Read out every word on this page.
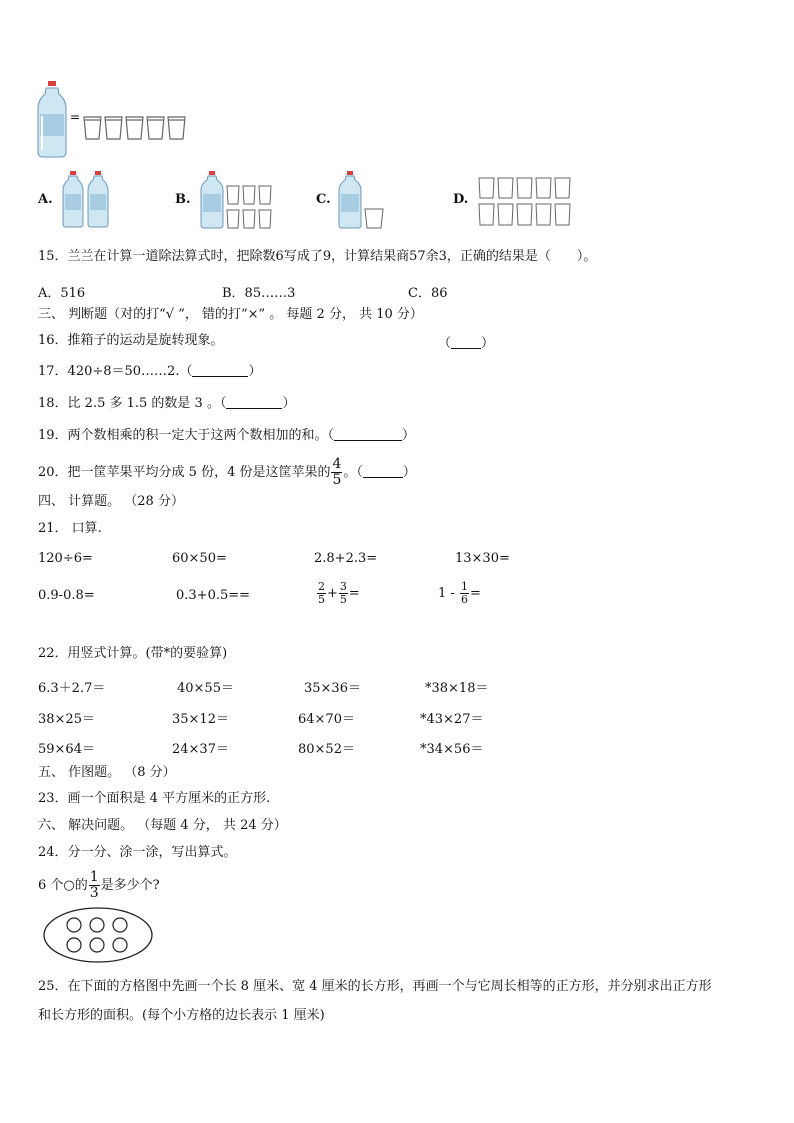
=
A.	B.	C.	D.
15．兰兰在计算一道除法算式时，把除数6写成了9，计算结果商57余3，正确的结果是（　　）。
A．516	B．85……3	C．86
三、 判断题（对的打“√ ”， 错的打“×” 。 每题 2 分， 共 10 分）
16．推箱子的运动是旋转现象。	（ ）
17．420÷8＝50……2.（	）
18．比 2.5 多 1.5 的数是 3 。（	）
19．两个数相乘的积一定大于这两个数相加的和。（	）
20．把一筐苹果平均分成 5 份，4 份是这筐苹果的 $\frac{4}{5}$ 。（	）
四、 计算题。 （28 分）
21． 口算.
120÷6=	60×50=	2.8+2.3=	13×30=
0.9-0.8=	0.3+0.5==	$\frac{2}{5} + \frac{3}{5}$ =	$1 - \frac{1}{6}$ =
22．用竖式计算。(带*的要验算)
6.3＋2.7＝	40×55＝	35×36＝	*38×18＝
38×25＝	35×12＝	64×70＝	*43×27＝
59×64＝	24×37＝	80×52＝	*34×56＝
五、 作图题。 （8 分）
23．画一个面积是 4 平方厘米的正方形.
六、 解决问题。 （每题 4 分， 共 24 分）
24．分一分、涂一涂，写出算式。
6 个○的 $\frac{1}{3}$ 是多少个?
25．在下面的方格图中先画一个长 8 厘米、宽 4 厘米的长方形，再画一个与它周长相等的正方形，并分别求出正方形
和长方形的面积。(每个小方格的边长表示 1 厘米)
